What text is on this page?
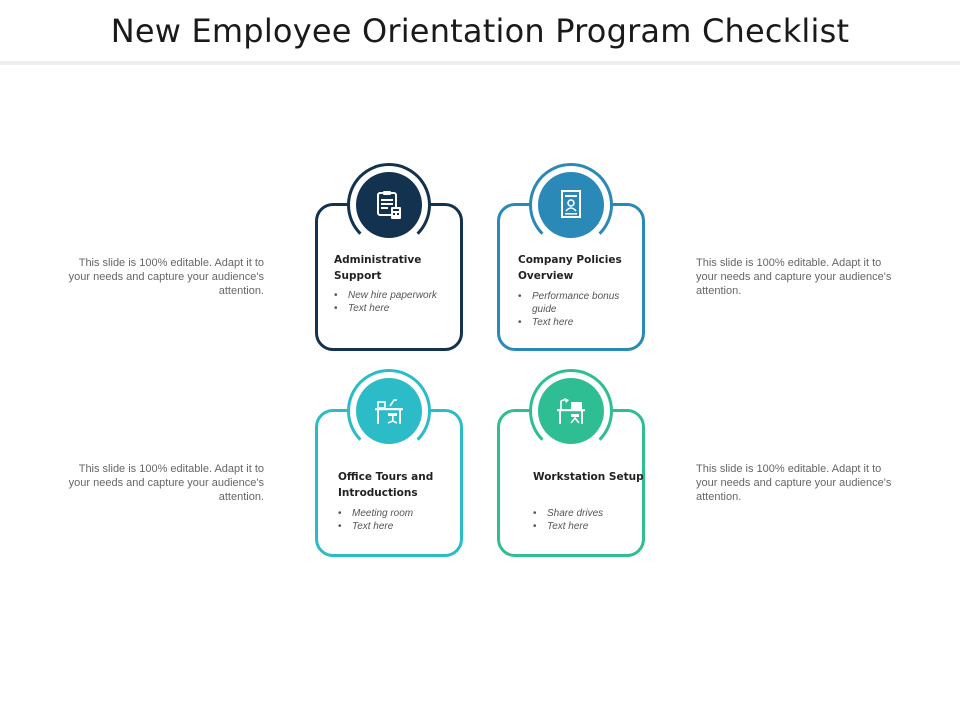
New Employee Orientation Program Checklist
This slide is 100% editable. Adapt it to your needs and capture your audience's attention.
This slide is 100% editable. Adapt it to your needs and capture your audience's attention.
This slide is 100% editable. Adapt it to your needs and capture your audience's attention.
This slide is 100% editable. Adapt it to your needs and capture your audience's attention.
Administrative Support
• New hire paperwork
• Text here
Company Policies Overview
• Performance bonus guide
• Text here
Office Tours and Introductions
• Meeting room
• Text here
Workstation Setup
• Share drives
• Text here
